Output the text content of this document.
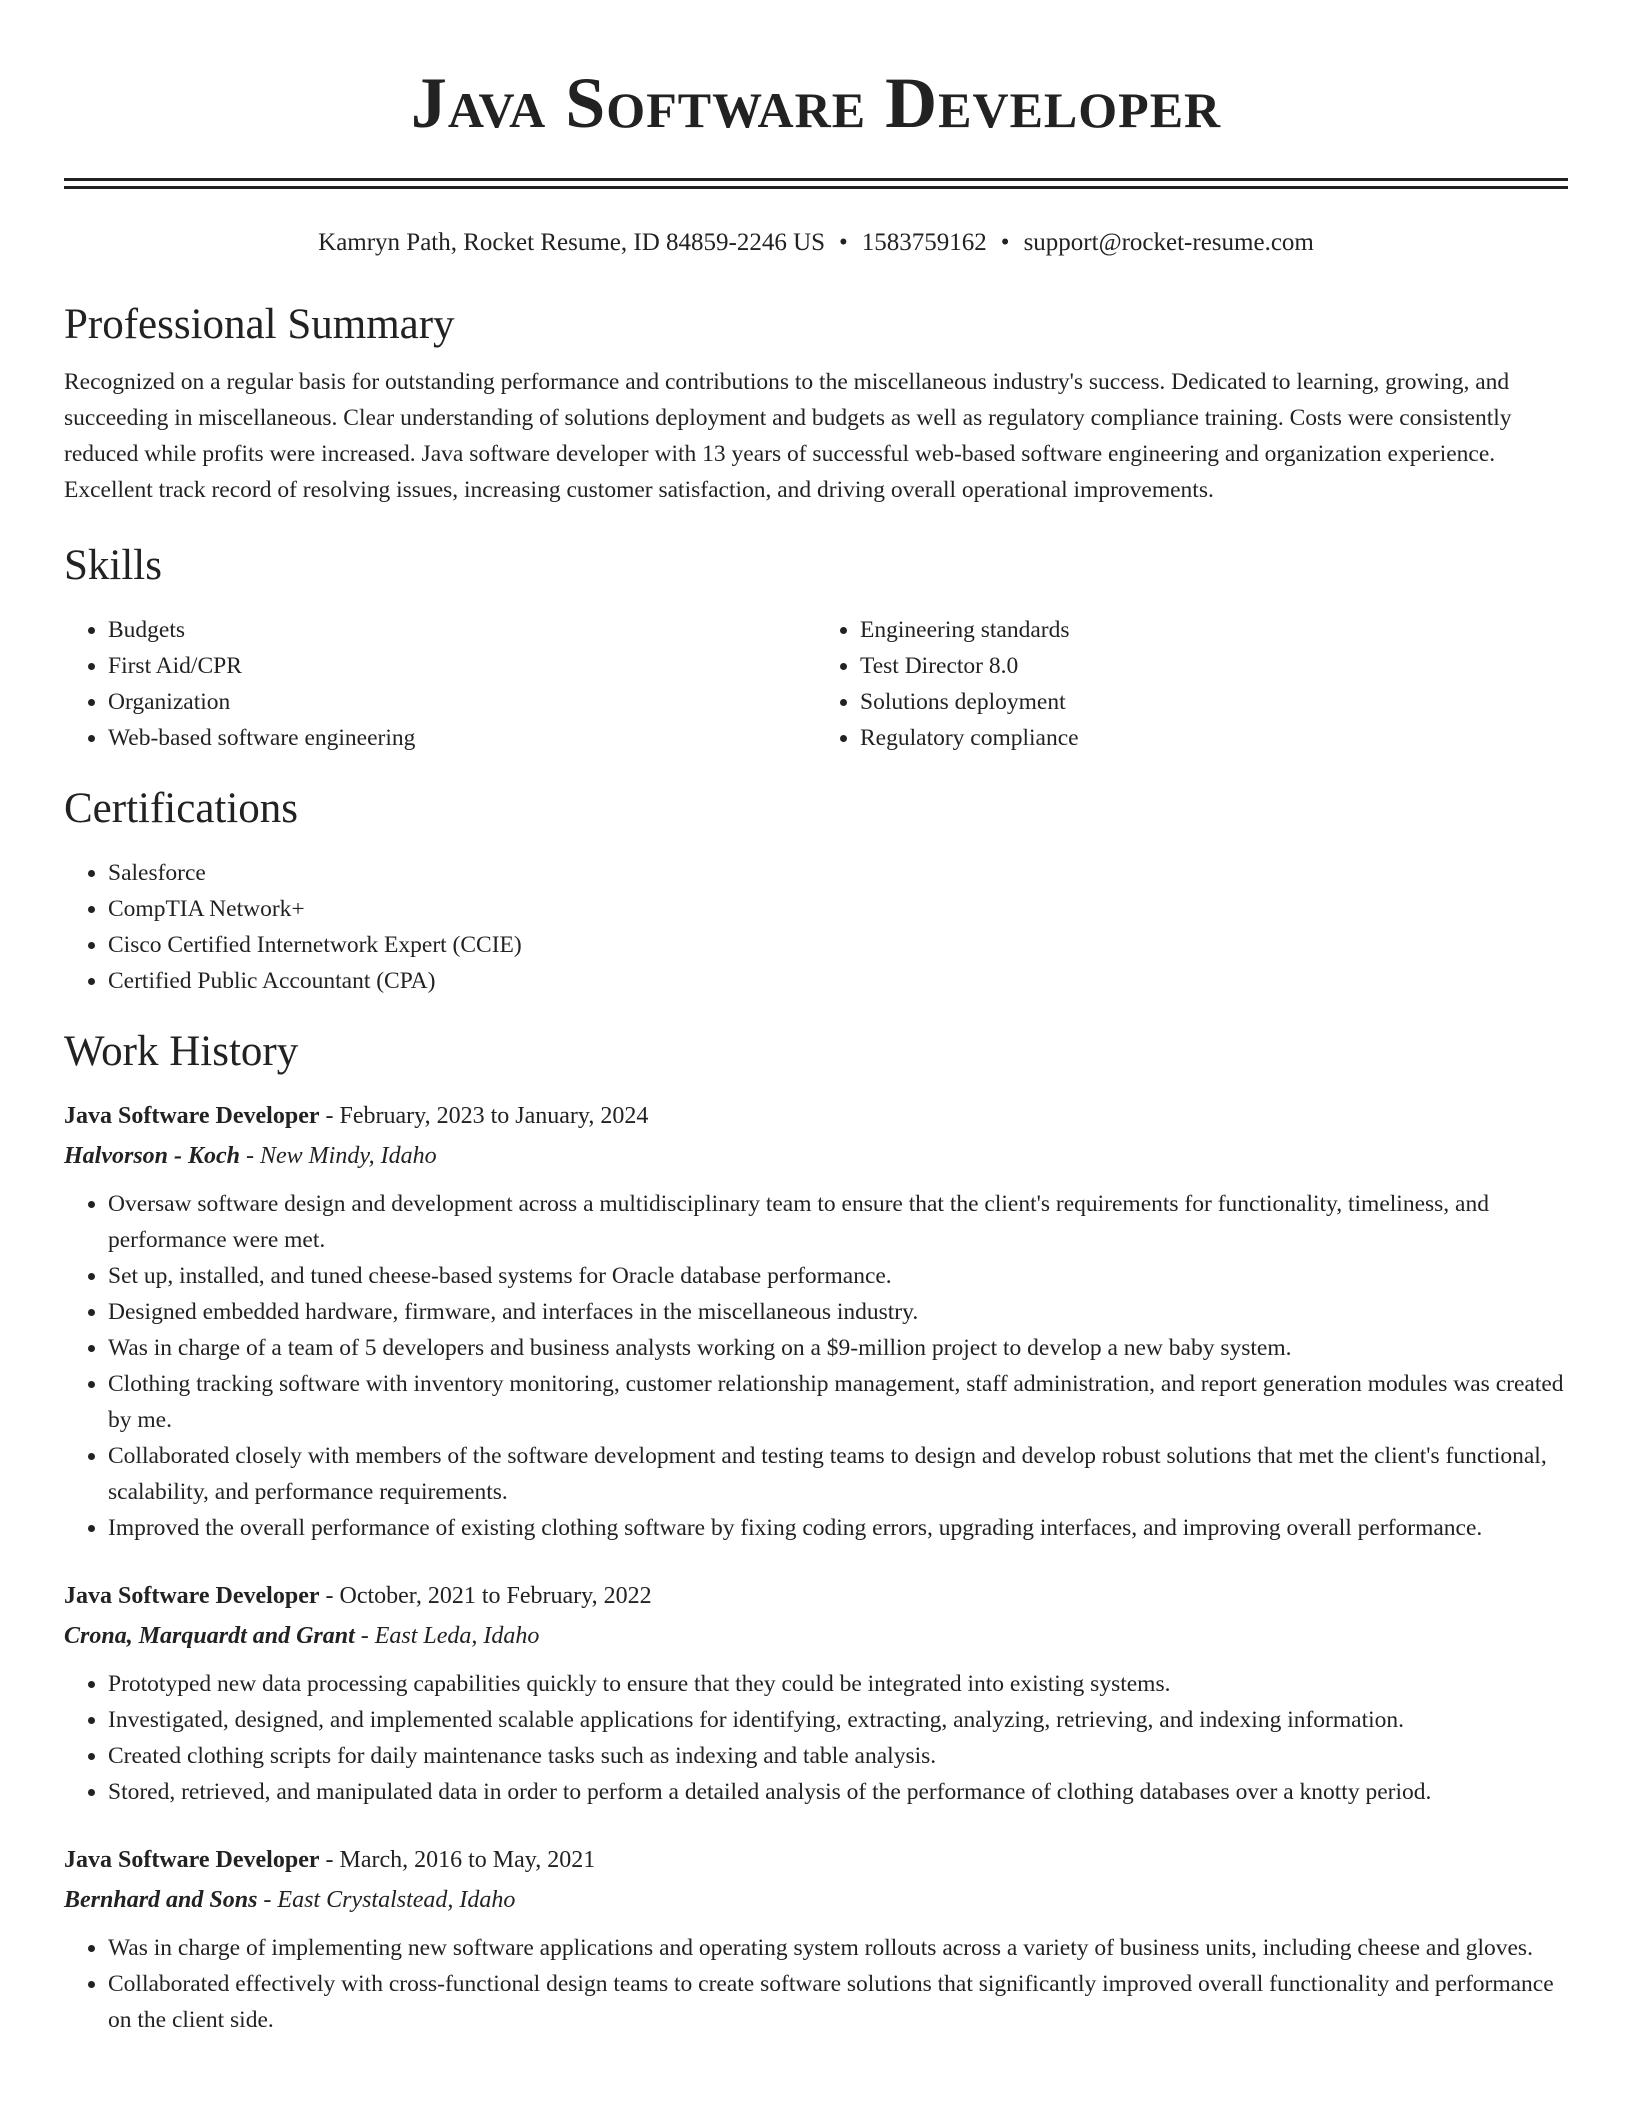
Java Software Developer
Kamryn Path, Rocket Resume, ID 84859-2246 US • 1583759162 • support@rocket-resume.com
Professional Summary

Recognized on a regular basis for outstanding performance and contributions to the miscellaneous industry's success. Dedicated to learning, growing, and succeeding in miscellaneous. Clear understanding of solutions deployment and budgets as well as regulatory compliance training. Costs were consistently reduced while profits were increased. Java software developer with 13 years of successful web-based software engineering and organization experience. Excellent track record of resolving issues, increasing customer satisfaction, and driving overall operational improvements.

Skills
• Budgets
• First Aid/CPR
• Organization
• Web-based software engineering
• Engineering standards
• Test Director 8.0
• Solutions deployment
• Regulatory compliance
Certifications
• Salesforce
• CompTIA Network+
• Cisco Certified Internetwork Expert (CCIE)
• Certified Public Accountant (CPA)
Work History
Java Software Developer - February, 2023 to January, 2024
Halvorson - Koch - New Mindy, Idaho
• Oversaw software design and development across a multidisciplinary team to ensure that the client's requirements for functionality, timeliness, and performance were met.
• Set up, installed, and tuned cheese-based systems for Oracle database performance.
• Designed embedded hardware, firmware, and interfaces in the miscellaneous industry.
• Was in charge of a team of 5 developers and business analysts working on a $9-million project to develop a new baby system.
• Clothing tracking software with inventory monitoring, customer relationship management, staff administration, and report generation modules was created by me.
• Collaborated closely with members of the software development and testing teams to design and develop robust solutions that met the client's functional, scalability, and performance requirements.
• Improved the overall performance of existing clothing software by fixing coding errors, upgrading interfaces, and improving overall performance.
Java Software Developer - October, 2021 to February, 2022
Crona, Marquardt and Grant - East Leda, Idaho
• Prototyped new data processing capabilities quickly to ensure that they could be integrated into existing systems.
• Investigated, designed, and implemented scalable applications for identifying, extracting, analyzing, retrieving, and indexing information.
• Created clothing scripts for daily maintenance tasks such as indexing and table analysis.
• Stored, retrieved, and manipulated data in order to perform a detailed analysis of the performance of clothing databases over a knotty period.
Java Software Developer - March, 2016 to May, 2021
Bernhard and Sons - East Crystalstead, Idaho
• Was in charge of implementing new software applications and operating system rollouts across a variety of business units, including cheese and gloves.
• Collaborated effectively with cross-functional design teams to create software solutions that significantly improved overall functionality and performance on the client side.
